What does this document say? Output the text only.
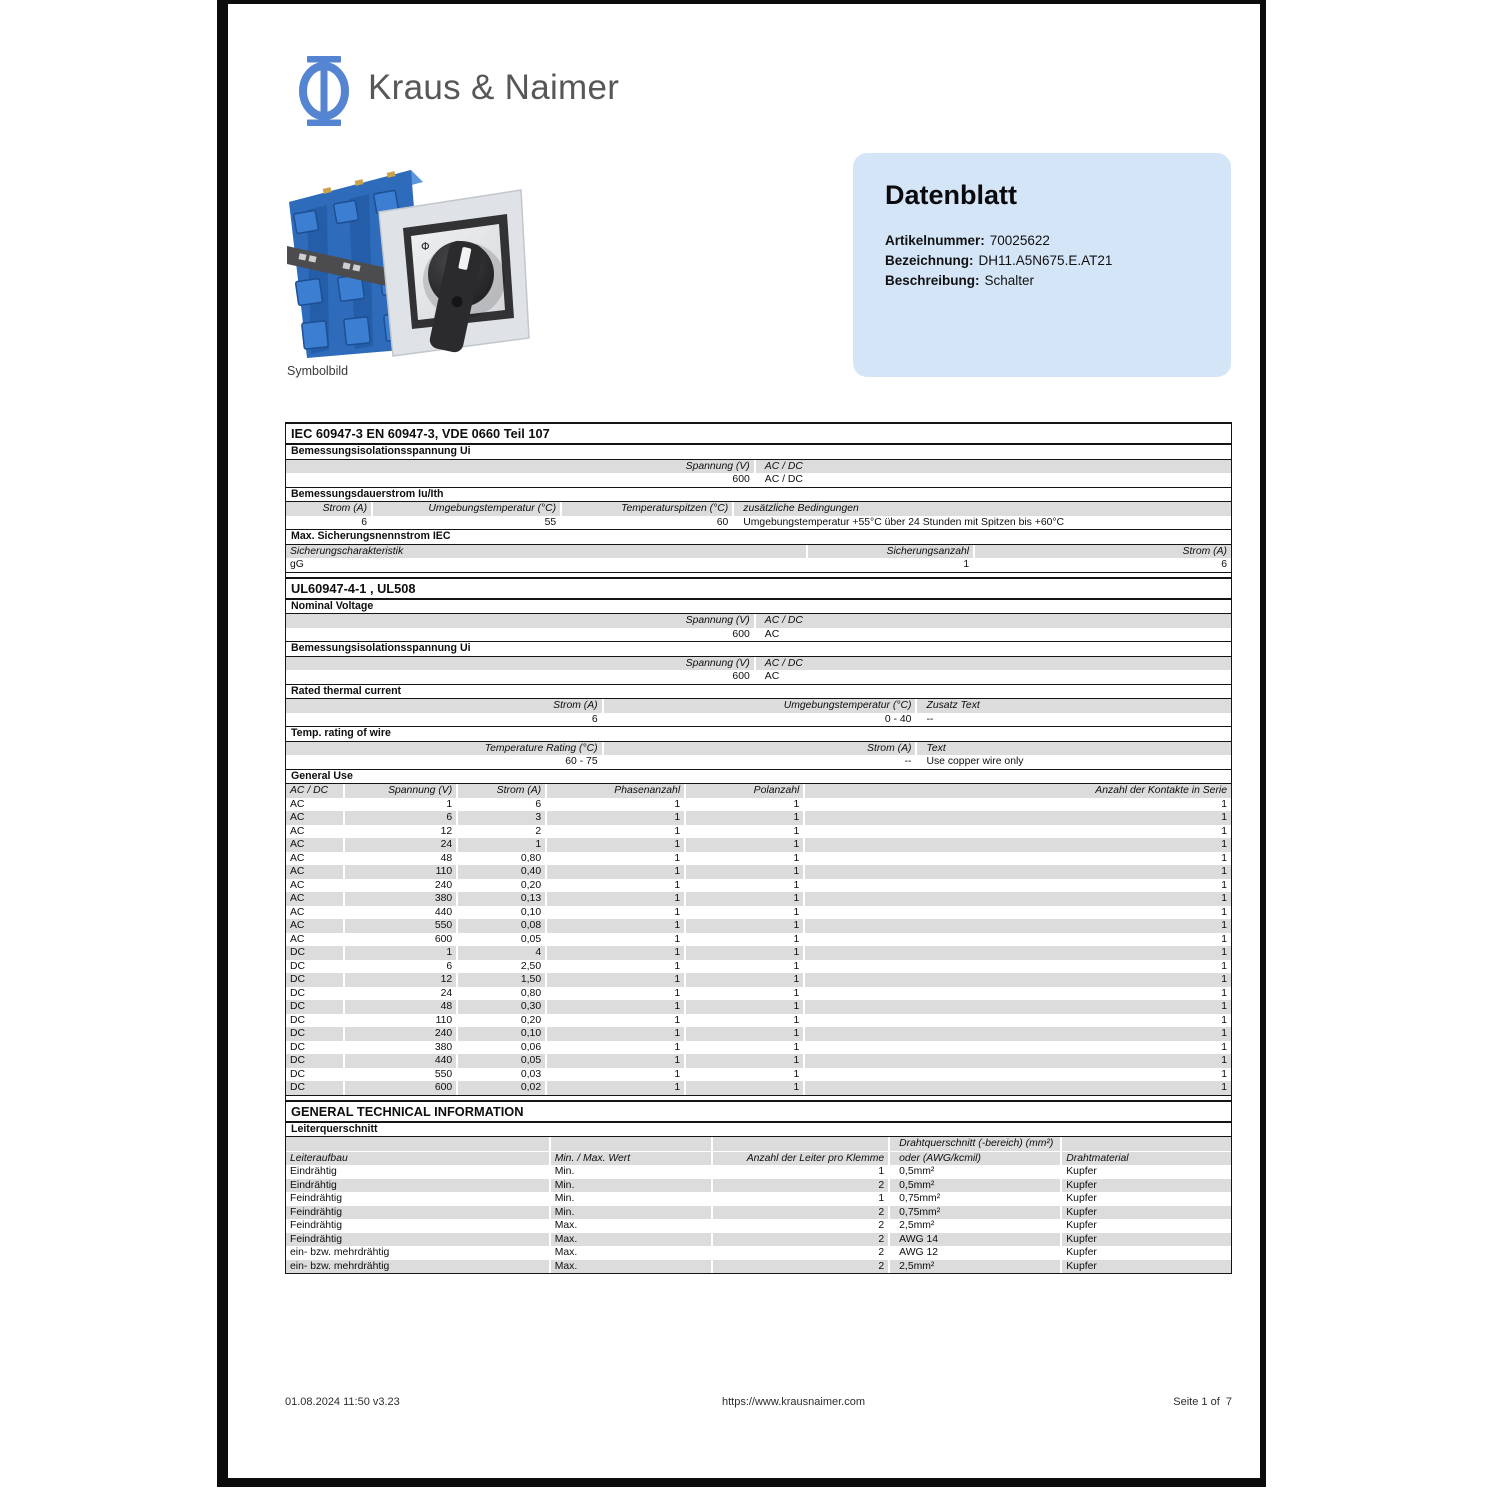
Kraus & Naimer
Φ
Symbolbild
Datenblatt
Artikelnummer: 70025622
Bezeichnung: DH11.A5N675.E.AT21
Beschreibung: Schalter
IEC 60947-3 EN 60947-3, VDE 0660 Teil 107
Bemessungsisolationsspannung Ui
Spannung (V)	AC / DC
600	AC / DC
Bemessungsdauerstrom Iu/Ith
Strom (A)	Umgebungstemperatur (°C)	Temperaturspitzen (°C)	zusätzliche Bedingungen
6	55	60	Umgebungstemperatur +55°C über 24 Stunden mit Spitzen bis +60°C
Max. Sicherungsnennstrom IEC
Sicherungscharakteristik	Sicherungsanzahl	Strom (A)
gG	1	6
UL60947-4-1 , UL508
Nominal Voltage
Spannung (V)	AC / DC
600	AC
Bemessungsisolationsspannung Ui
Spannung (V)	AC / DC
600	AC
Rated thermal current
Strom (A)	Umgebungstemperatur (°C)	Zusatz Text
6	0 - 40	--
Temp. rating of wire
Temperature Rating (°C)	Strom (A)	Text
60 - 75	--	Use copper wire only
General Use
AC / DC	Spannung (V)	Strom (A)	Phasenanzahl	Polanzahl	Anzahl der Kontakte in Serie
AC	1	6	1	1	1
AC	6	3	1	1	1
AC	12	2	1	1	1
AC	24	1	1	1	1
AC	48	0,80	1	1	1
AC	110	0,40	1	1	1
AC	240	0,20	1	1	1
AC	380	0,13	1	1	1
AC	440	0,10	1	1	1
AC	550	0,08	1	1	1
AC	600	0,05	1	1	1
DC	1	4	1	1	1
DC	6	2,50	1	1	1
DC	12	1,50	1	1	1
DC	24	0,80	1	1	1
DC	48	0,30	1	1	1
DC	110	0,20	1	1	1
DC	240	0,10	1	1	1
DC	380	0,06	1	1	1
DC	440	0,05	1	1	1
DC	550	0,03	1	1	1
DC	600	0,02	1	1	1
GENERAL TECHNICAL INFORMATION
Leiterquerschnitt
Drahtquerschnitt (-bereich) (mm²)
Leiteraufbau	Min. / Max. Wert	Anzahl der Leiter pro Klemme	oder (AWG/kcmil)	Drahtmaterial
Eindrähtig	Min.	1	0,5mm²	Kupfer
Eindrähtig	Min.	2	0,5mm²	Kupfer
Feindrähtig	Min.	1	0,75mm²	Kupfer
Feindrähtig	Min.	2	0,75mm²	Kupfer
Feindrähtig	Max.	2	2,5mm²	Kupfer
Feindrähtig	Max.	2	AWG 14	Kupfer
ein- bzw. mehrdrähtig	Max.	2	AWG 12	Kupfer
ein- bzw. mehrdrähtig	Max.	2	2,5mm²	Kupfer
01.08.2024 11:50 v3.23	https://www.krausnaimer.com	Seite 1 of  7
